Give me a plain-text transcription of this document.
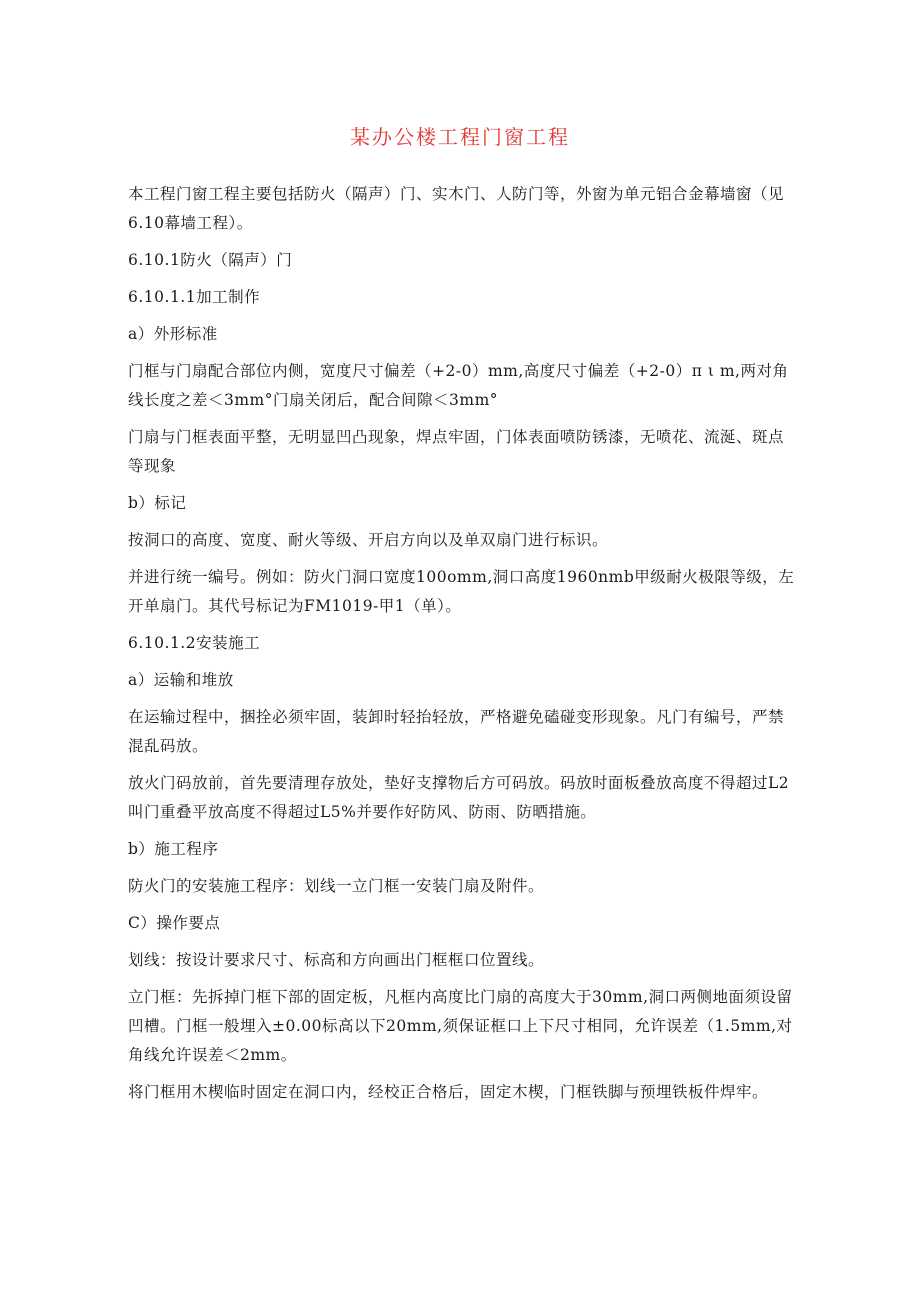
某办公楼工程门窗工程

本工程门窗工程主要包括防火（隔声）门、实木门、人防门等，外窗为单元铝合金幕墙窗（见6.10幕墙工程）。

6.10.1防火（隔声）门

6.10.1.1加工制作

a）外形标准

门框与门扇配合部位内侧，宽度尺寸偏差（+2-0）mm,高度尺寸偏差（+2-0）π ι m,两对角线长度之差＜3mm°门扇关闭后，配合间隙＜3mm°

门扇与门框表面平整，无明显凹凸现象，焊点牢固，门体表面喷防锈漆，无喷花、流涎、斑点等现象

b）标记

按洞口的高度、宽度、耐火等级、开启方向以及单双扇门进行标识。

并进行统一编号。例如：防火门洞口宽度100omm,洞口高度1960nmb甲级耐火极限等级，左开单扇门。其代号标记为FM1019-甲1（单）。

6.10.1.2安装施工

a）运输和堆放

在运输过程中，捆拴必须牢固，装卸时轻抬轻放，严格避免磕碰变形现象。凡门有编号，严禁混乱码放。

放火门码放前，首先要清理存放处，垫好支撑物后方可码放。码放时面板叠放高度不得超过L2叫门重叠平放高度不得超过L5%并要作好防风、防雨、防晒措施。

b）施工程序

防火门的安装施工程序：划线一立门框一安装门扇及附件。

C）操作要点

划线：按设计要求尺寸、标高和方向画出门框框口位置线。

立门框：先拆掉门框下部的固定板，凡框内高度比门扇的高度大于30mm,洞口两侧地面须设留凹槽。门框一般埋入±0.00标高以下20mm,须保证框口上下尺寸相同，允许误差（1.5mm,对角线允许误差＜2mm。

将门框用木楔临时固定在洞口内，经校正合格后，固定木楔，门框铁脚与预埋铁板件焊牢。
